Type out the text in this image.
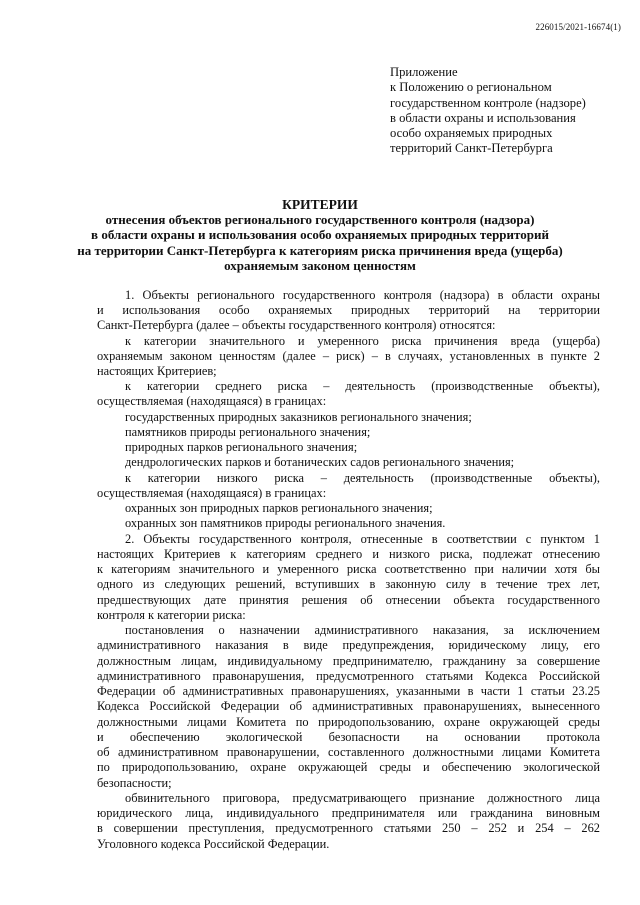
226015/2021-16674(1)
Приложение
к Положению о региональном
государственном контроле (надзоре)
в области охраны и использования
особо охраняемых природных
территорий Санкт-Петербурга
КРИТЕРИИ
отнесения объектов регионального государственного контроля (надзора)
в области охраны и использования особо охраняемых природных территорий
на территории Санкт-Петербурга к категориям риска причинения вреда (ущерба)
охраняемым законом ценностям
1. Объекты регионального государственного контроля (надзора) в области охраны
и использования особо охраняемых природных территорий на территории
Санкт-Петербурга (далее – объекты государственного контроля) относятся:
к категории значительного и умеренного риска причинения вреда (ущерба)
охраняемым законом ценностям (далее – риск) – в случаях, установленных в пункте 2
настоящих Критериев;
к категории среднего риска – деятельность (производственные объекты),
осуществляемая (находящаяся) в границах:
государственных природных заказников регионального значения;
памятников природы регионального значения;
природных парков регионального значения;
дендрологических парков и ботанических садов регионального значения;
к категории низкого риска – деятельность (производственные объекты),
осуществляемая (находящаяся) в границах:
охранных зон природных парков регионального значения;
охранных зон памятников природы регионального значения.
2. Объекты государственного контроля, отнесенные в соответствии с пунктом 1
настоящих Критериев к категориям среднего и низкого риска, подлежат отнесению
к категориям значительного и умеренного риска соответственно при наличии хотя бы
одного из следующих решений, вступивших в законную силу в течение трех лет,
предшествующих дате принятия решения об отнесении объекта государственного
контроля к категории риска:
постановления о назначении административного наказания, за исключением
административного наказания в виде предупреждения, юридическому лицу, его
должностным лицам, индивидуальному предпринимателю, гражданину за совершение
административного правонарушения, предусмотренного статьями Кодекса Российской
Федерации об административных правонарушениях, указанными в части 1 статьи 23.25
Кодекса Российской Федерации об административных правонарушениях, вынесенного
должностными лицами Комитета по природопользованию, охране окружающей среды
и обеспечению экологической безопасности на основании протокола
об административном правонарушении, составленного должностными лицами Комитета
по природопользованию, охране окружающей среды и обеспечению экологической
безопасности;
обвинительного приговора, предусматривающего признание должностного лица
юридического лица, индивидуального предпринимателя или гражданина виновным
в совершении преступления, предусмотренного статьями 250 – 252 и 254 – 262
Уголовного кодекса Российской Федерации.
